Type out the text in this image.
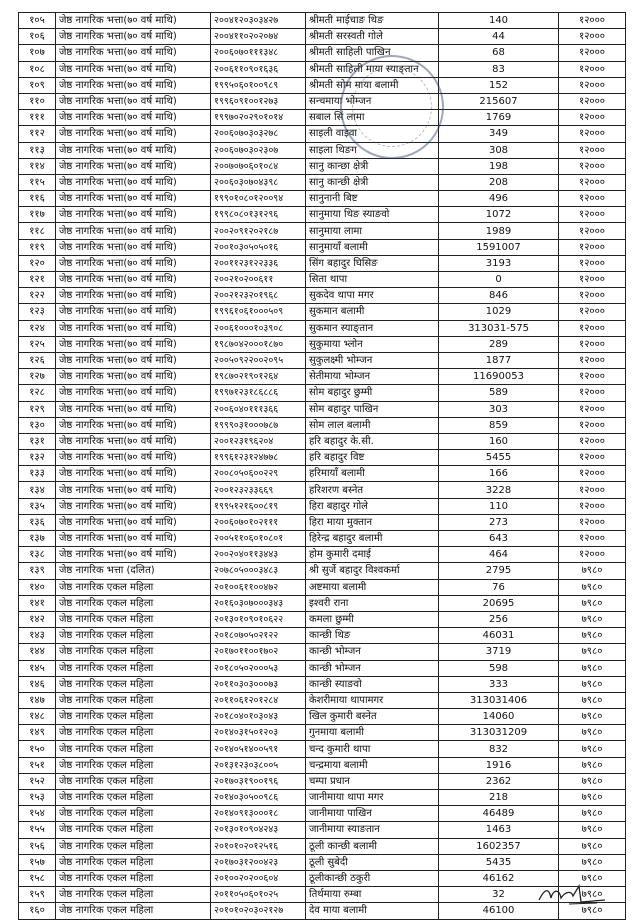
१०५	जेष्ठ नागरिक भत्ता(७० वर्ष माथि)	२००४१२०३०३४२७	श्रीमती माईचाङ थिङ	140	१२०००
१०६	जेष्ठ नागरिक भत्ता(७० वर्ष माथि)	२००४११०२०२०७४	श्रीमती सरस्वती गोले	44	१२०००
१०७	जेष्ठ नागरिक भत्ता(७० वर्ष माथि)	२००६०७०१११३४८	श्रीमती साहिली पाखिन	68	१२०००
१०८	जेष्ठ नागरिक भत्ता(७० वर्ष माथि)	२००६११०९०१६३६	श्रीमती साहिली माया स्याङ्तान	83	१२०००
१०९	जेष्ठ नागरिक भत्ता(७० वर्ष माथि)	१९९५०६०१००९८९	श्रीमती सोम माया बलामी	152	१२०००
११०	जेष्ठ नागरिक भत्ता(७० वर्ष माथि)	१९९६०९१००१२७३	सन्चमाया भोम्जन	215607	१२०००
१११	जेष्ठ नागरिक भत्ता(७० वर्ष माथि)	१९९७०२०२९०१०१४	सबाल सिं लामा	1769	१२०००
११२	जेष्ठ नागरिक भत्ता(७० वर्ष माथि)	२००६०७०३०३२७८	साइली वाइवा	349	१२०००
११३	जेष्ठ नागरिक भत्ता(७० वर्ष माथि)	२००६०७०३०२३०७	साइला थिङग	308	१२०००
११४	जेष्ठ नागरिक भत्ता(७० वर्ष माथि)	२००७०७०६०१०८४	सानु कान्छा क्षेत्री	198	१२०००
११५	जेष्ठ नागरिक भत्ता(७० वर्ष माथि)	२००६०३०७०४३९८	सानु कान्छी क्षेत्री	208	१२०००
११६	जेष्ठ नागरिक भत्ता(७० वर्ष माथि)	१९९०१०८०१२००९४	सानुनानी बिष्ट	496	१२०००
११७	जेष्ठ नागरिक भत्ता(७० वर्ष माथि)	१९९८०८०१३१२९६	सानुमाया थिङ स्याङवो	1072	१२०००
११८	जेष्ठ नागरिक भत्ता(७० वर्ष माथि)	२००२०९१२०२१८७	सानुमाया लामा	1989	१२०००
११९	जेष्ठ नागरिक भत्ता(७० वर्ष माथि)	२००१०३०५०५०१६	सानुमायाँ बलामी	1591007	१२०००
१२०	जेष्ठ नागरिक भत्ता(७० वर्ष माथि)	२००११२३१२२३३६	सिंग बहादुर घिसिङ	3193	१२०००
१२१	जेष्ठ नागरिक भत्ता(७० वर्ष माथि)	२००२१०२००६११	सिता थापा	0	१२०००
१२२	जेष्ठ नागरिक भत्ता(७० वर्ष माथि)	२००२१२३२०१९६८	सुकदेव थापा मगर	846	१२०००
१२३	जेष्ठ नागरिक भत्ता(७० वर्ष माथि)	१९९६१०६१०००५०९	सुकमान बलामी	1029	१२०००
१२४	जेष्ठ नागरिक भत्ता(७० वर्ष माथि)	२००६१०००१०३९०८	सुकमान स्याङ्तान	313031-575	१२०००
१२५	जेष्ठ नागरिक भत्ता(७० वर्ष माथि)	१९८७०४२०००१८७०	सुकुमाया भ्लोन	289	१२०००
१२६	जेष्ठ नागरिक भत्ता(७० वर्ष माथि)	२००५०९२२००२०९५	सुकुलक्ष्मी भोम्जन	1877	१२०००
१२७	जेष्ठ नागरिक भत्ता(७० वर्ष माथि)	१९८७०२१९०१२६४	सेतीमाया भोम्जन	11690053	१२०००
१२८	जेष्ठ नागरिक भत्ता(७० वर्ष माथि)	१९९७१२३१८६८८६	सोम बहादुर छुम्मी	589	१२०००
१२९	जेष्ठ नागरिक भत्ता(७० वर्ष माथि)	२००६०४०१११३६६	सोम बहादुर पाखिन	303	१२०००
१३०	जेष्ठ नागरिक भत्ता(७० वर्ष माथि)	१९९९०३१०००७८७	सोम लाल बलामी	859	१२०००
१३१	जेष्ठ नागरिक भत्ता(७० वर्ष माथि)	२००१२३१९६२०४	हरि बहादुर के.सी.	160	१२०००
१३२	जेष्ठ नागरिक भत्ता(७० वर्ष माथि)	१९९६१२३१२४७७८	हरि बहादुर विष्ट	5455	१२०००
१३३	जेष्ठ नागरिक भत्ता(७० वर्ष माथि)	२००८०५०६००२२९	हरिमायाँ बलामी	166	१२०००
१३४	जेष्ठ नागरिक भत्ता(७० वर्ष माथि)	२००१२३२३३६६९	हरिशरण बस्नेत	3228	१२०००
१३५	जेष्ठ नागरिक भत्ता(७० वर्ष माथि)	१९९५१२१६००८१९	हिरा बहादुर गोले	110	१२०००
१३६	जेष्ठ नागरिक भत्ता(७० वर्ष माथि)	२००६०७०१०२१११	हिरा माया मुक्तान	273	१२०००
१३७	जेष्ठ नागरिक भत्ता(७० वर्ष माथि)	२००५११०६०१०८०१	हिरेन्द्र बहादुर बलामी	643	१२०००
१३८	जेष्ठ नागरिक भत्ता(७० वर्ष माथि)	२००२०४०११३४४३	होम कुमारी दमाई	464	१२०००
१३९	जेष्ठ नागरिक भत्ता (दलित)	२०७८०५०००३४८३	श्री सुर्जे बहादुर विश्वकर्मा	2795	७९८०
१४०	जेष्ठ नागरिक एकल महिला	२०१००६११००४७२	अष्टमाया बलामी	76	७९८०
१४१	जेष्ठ नागरिक एकल महिला	२०१६०३०७०००३४३	इश्वरी राना	20695	७९८०
१४२	जेष्ठ नागरिक एकल महिला	२०१३०१०९०१०६२२	कमला छुम्मी	256	७९८०
१४३	जेष्ठ नागरिक एकल महिला	२०१८०७०५०२१२२	कान्छी थिङ	46031	७९८०
१४४	जेष्ठ नागरिक एकल महिला	२०१७०११००१७०२	कान्छी भोम्जन	3719	७९८०
१४५	जेष्ठ नागरिक एकल महिला	२०१८०५०२०००५३	कान्छी भोम्जन	598	७९८०
१४६	जेष्ठ नागरिक एकल महिला	२०११०३०३०००७३	कान्छी स्याङवो	333	७९८०
१४७	जेष्ठ नागरिक एकल महिला	२०११०६१२०१२८४	केशरीमाया थापामगर	313031406	७९८०
१४८	जेष्ठ नागरिक एकल महिला	२०१८०४०१०३०४३	खिल कुमारी बस्नेत	14060	७९८०
१४९	जेष्ठ नागरिक एकल महिला	२०१४०३१५०१२०३	गुनमाया बलामी	313031209	७९८०
१५०	जेष्ठ नागरिक एकल महिला	२०१४०५१४००५९१	चन्द कुमारी थापा	832	७९८०
१५१	जेष्ठ नागरिक एकल महिला	२०१३१२३०३८००५	चन्द्रमाया बलामी	1916	७९८०
१५२	जेष्ठ नागरिक एकल महिला	२०१७०३१९००१९६	चम्पा प्रधान	2362	७९८०
१५३	जेष्ठ नागरिक एकल महिला	२०१४०३०५००९८६	जानीमाया थापा मगर	218	७९८०
१५४	जेष्ठ नागरिक एकल महिला	२०१४०९१३०००१८	जानीमाया पाखिन	46489	७९८०
१५५	जेष्ठ नागरिक एकल महिला	२०१३०१०९०४२४३	जानीमाया स्याङतान	1463	७९८०
१५६	जेष्ठ नागरिक एकल महिला	२०१०१०२०१२५१६	ठूली कान्छी बलामी	1602357	७९८०
१५७	जेष्ठ नागरिक एकल महिला	२०१७०३१२००४२३	ठूली सुबेदी	5435	७९८०
१५८	जेष्ठ नागरिक एकल महिला	२०१००२०२००६०४	ठूलीकान्छी ठकुरी	46162	७९८०
१५९	जेष्ठ नागरिक एकल महिला	२०११०५०६०१०२५	तिर्थमाया रुम्बा	32	७९८०
१६०	जेष्ठ नागरिक एकल महिला	२०१०१०२०३०२१२७	देव माया बलामी	46100	७९८०
